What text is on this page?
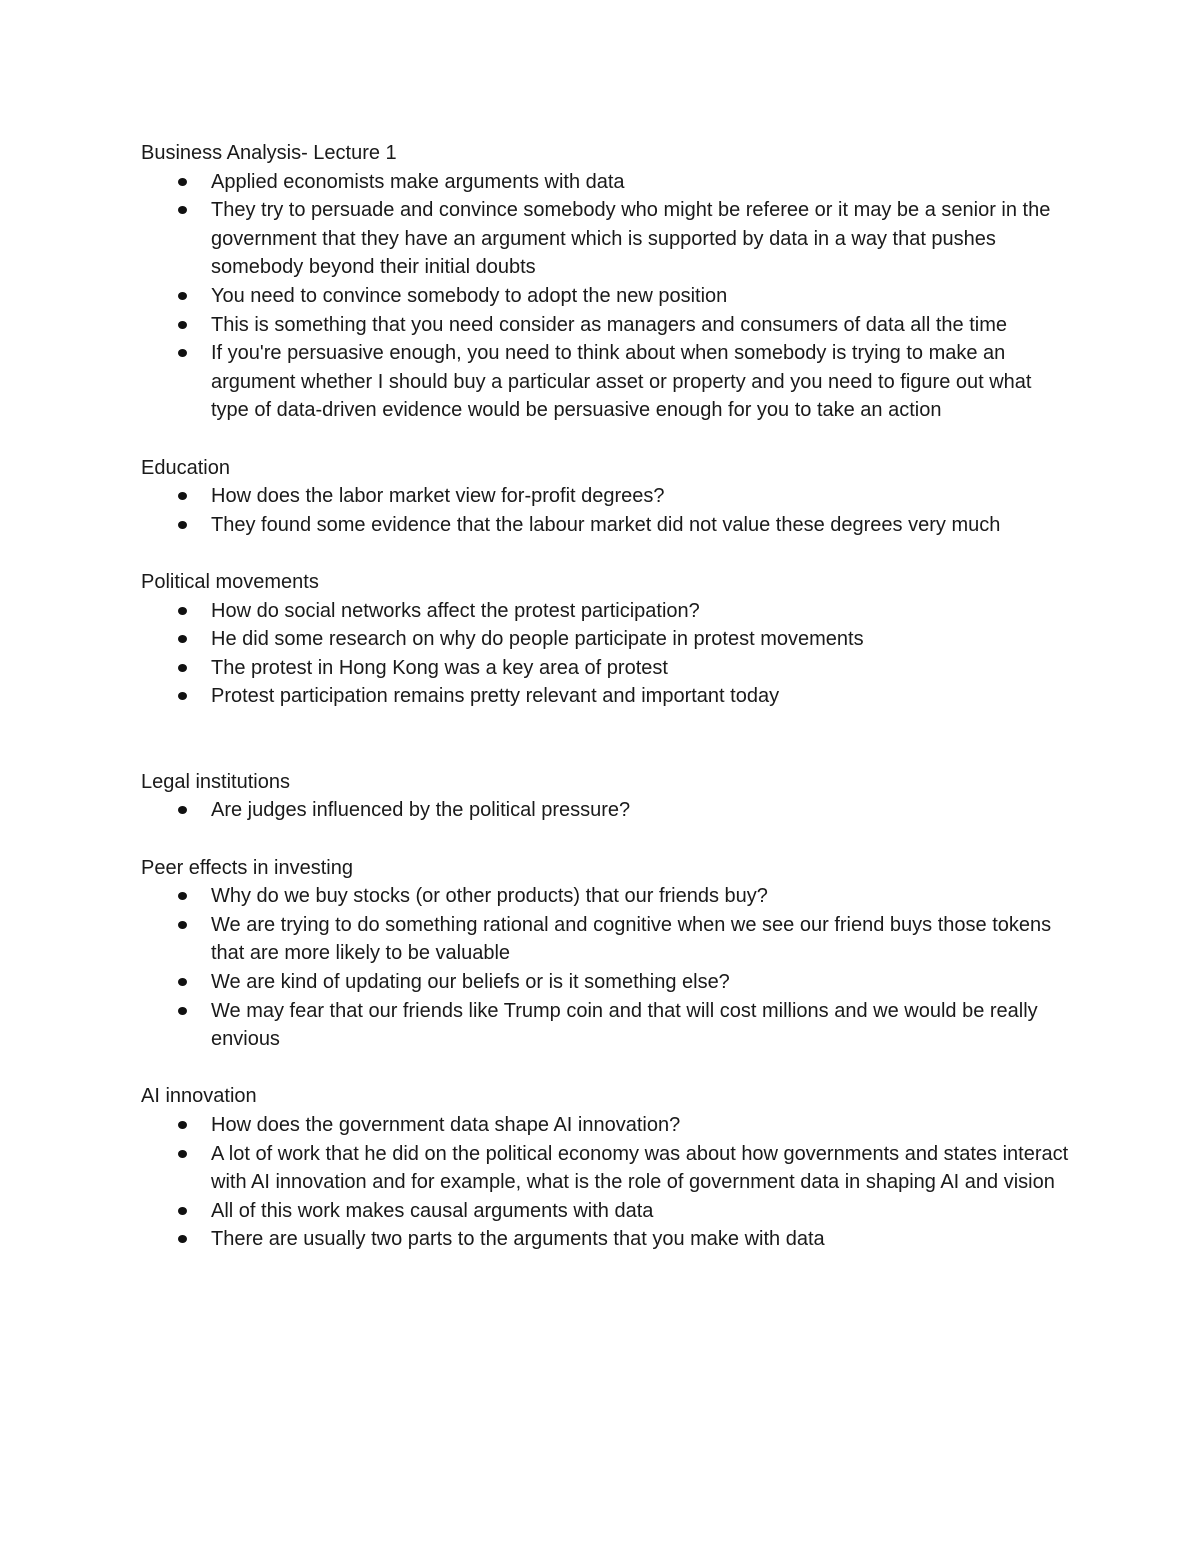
Business Analysis- Lecture 1

Applied economists make arguments with data
They try to persuade and convince somebody who might be referee or it may be a senior in the government that they have an argument which is supported by data in a way that pushes somebody beyond their initial doubts
You need to convince somebody to adopt the new position
This is something that you need consider as managers and consumers of data all the time
If you're persuasive enough, you need to think about when somebody is trying to make an argument whether I should buy a particular asset or property and you need to figure out what type of data-driven evidence would be persuasive enough for you to take an action

Education

How does the labor market view for-profit degrees?
They found some evidence that the labour market did not value these degrees very much

Political movements

How do social networks affect the protest participation?
He did some research on why do people participate in protest movements
The protest in Hong Kong was a key area of protest
Protest participation remains pretty relevant and important today

Legal institutions

Are judges influenced by the political pressure?

Peer effects in investing

Why do we buy stocks (or other products) that our friends buy?
We are trying to do something rational and cognitive when we see our friend buys those tokens that are more likely to be valuable
We are kind of updating our beliefs or is it something else?
We may fear that our friends like Trump coin and that will cost millions and we would be really envious

AI innovation

How does the government data shape AI innovation?
A lot of work that he did on the political economy was about how governments and states interact with AI innovation and for example, what is the role of government data in shaping AI and vision
All of this work makes causal arguments with data
There are usually two parts to the arguments that you make with data
